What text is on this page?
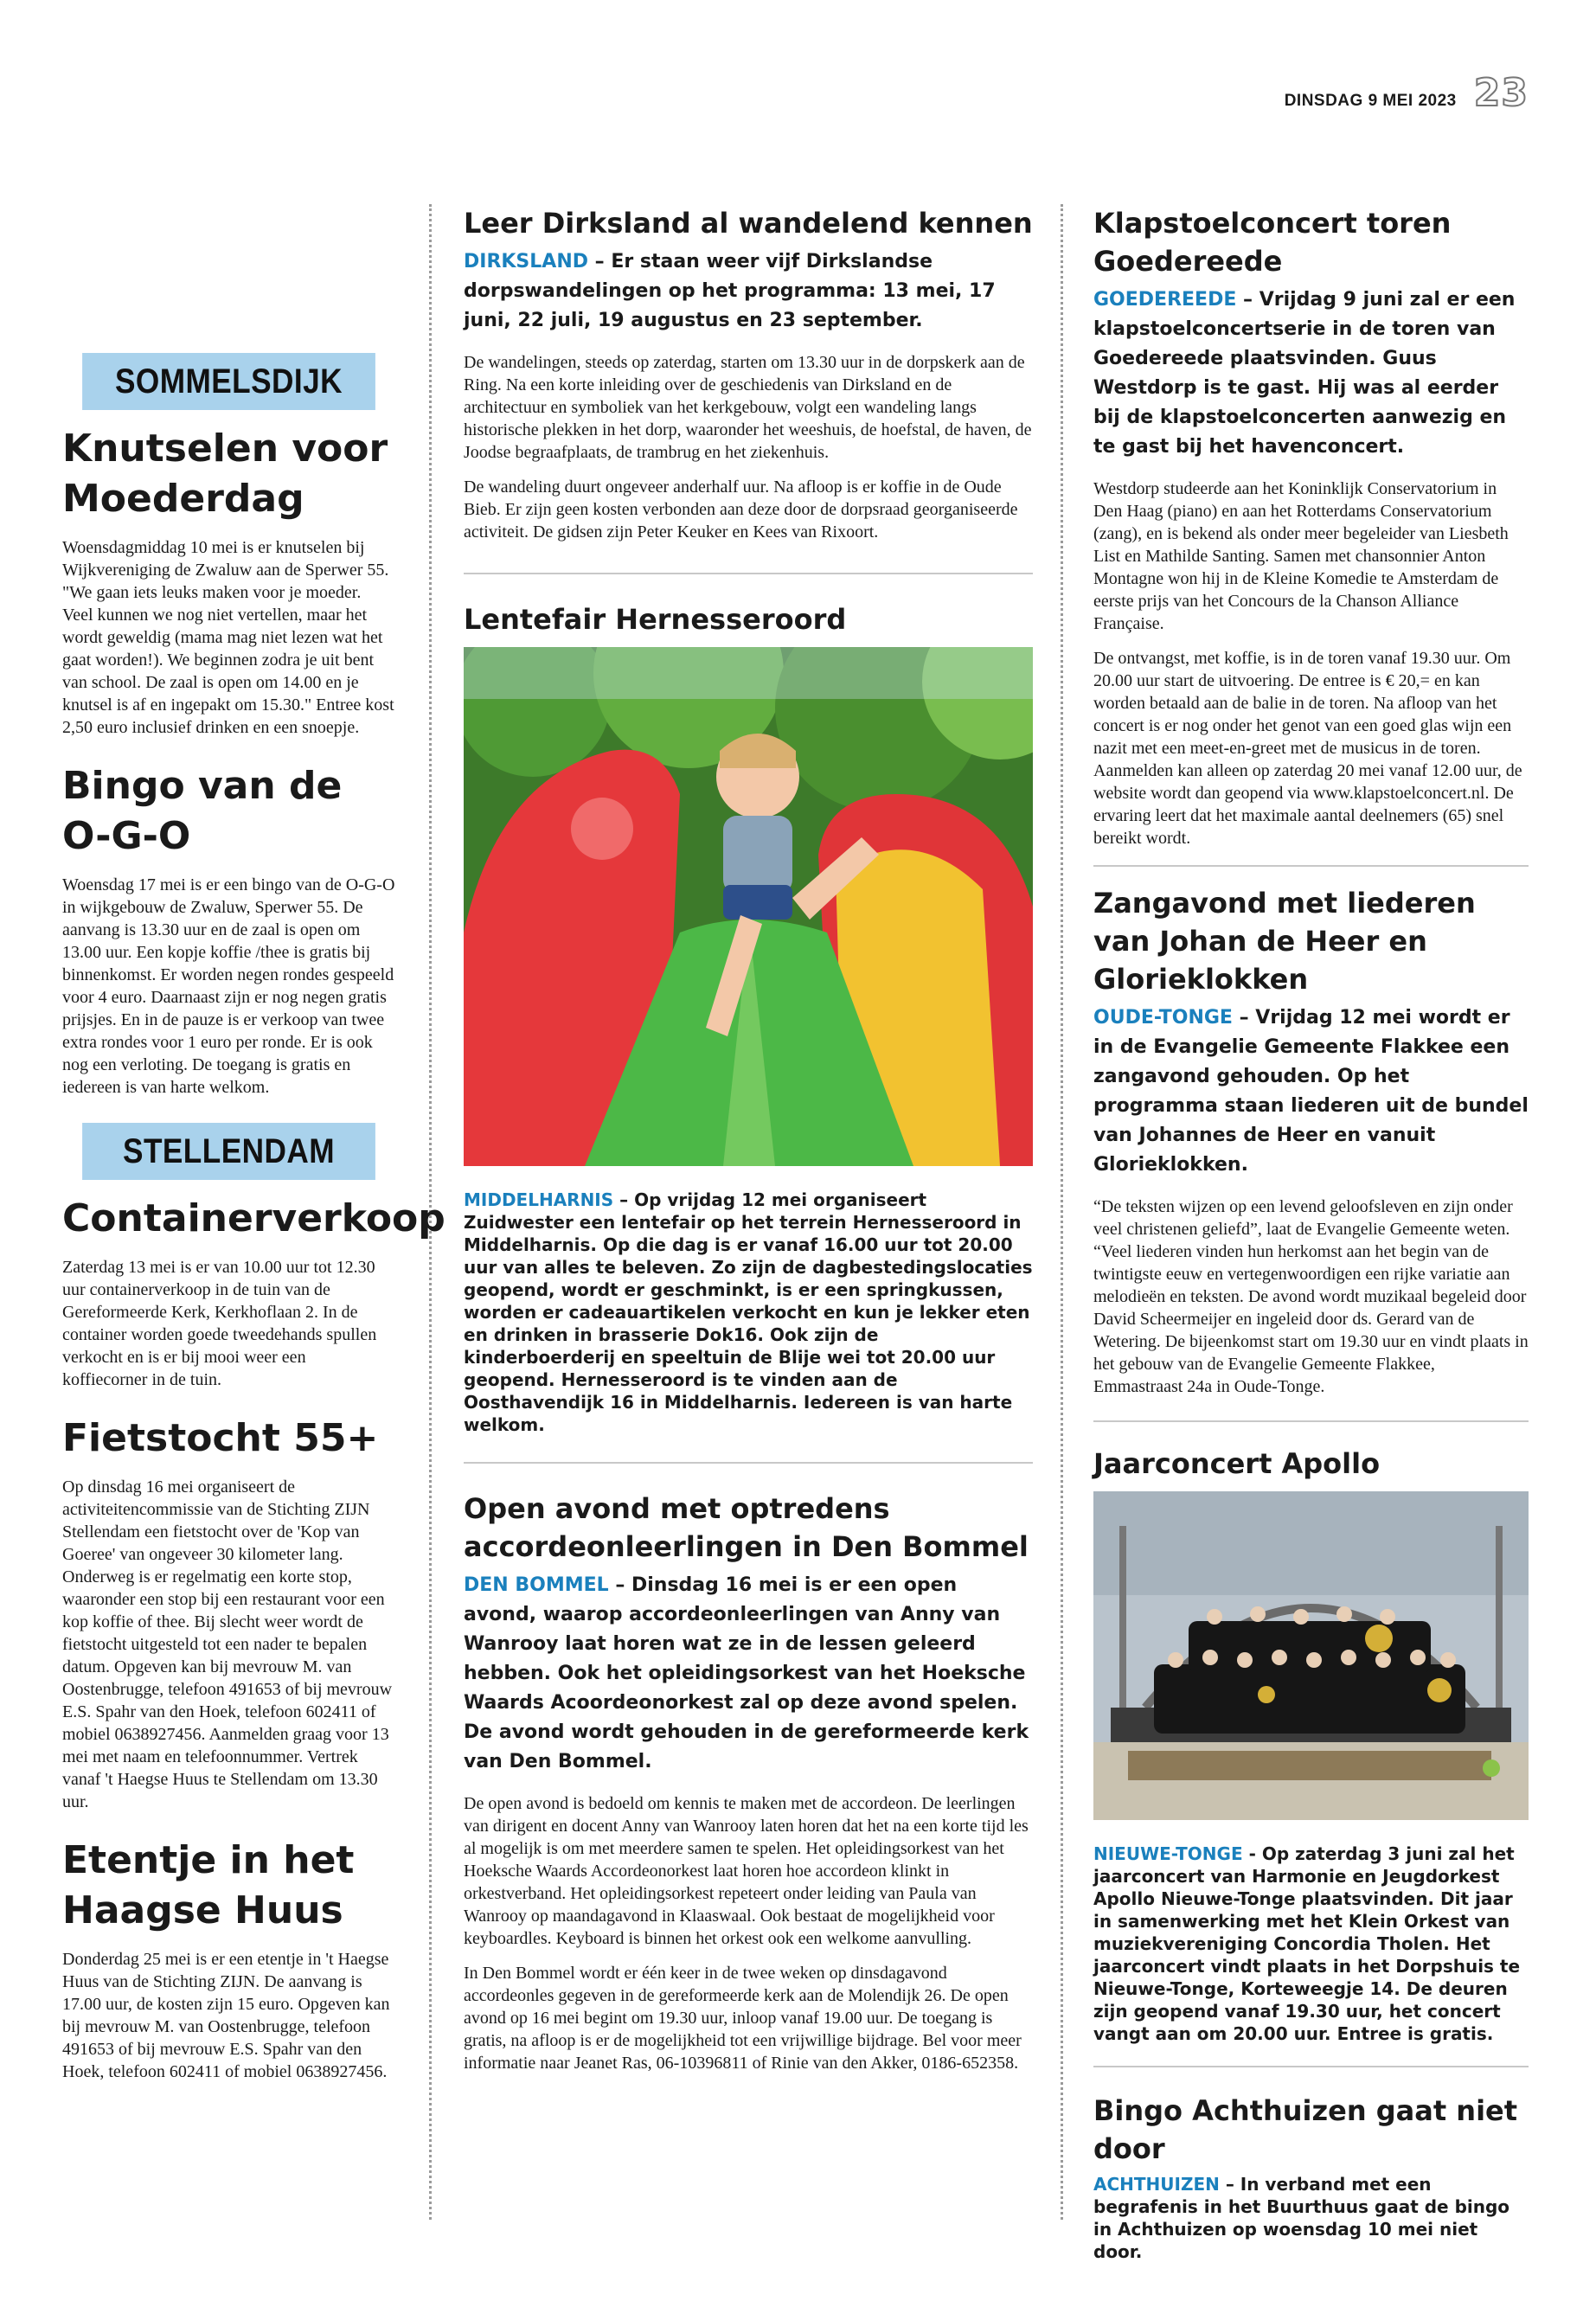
DINSDAG 9 MEI 2023 23
SOMMELSDIJK
Knutselen voor Moederdag

Woensdagmiddag 10 mei is er knutselen bij Wijkvereniging de Zwaluw aan de Sperwer 55. "We gaan iets leuks maken voor je moeder. Veel kunnen we nog niet vertellen, maar het wordt geweldig (mama mag niet lezen wat het gaat worden!). We beginnen zodra je uit bent van school. De zaal is open om 14.00 en je knutsel is af en ingepakt om 15.30." Entree kost 2,50 euro inclusief drinken en een snoepje.

Bingo van de O-G-O

Woensdag 17 mei is er een bingo van de O-G-O in wijkgebouw de Zwaluw, Sperwer 55. De aanvang is 13.30 uur en de zaal is open om 13.00 uur. Een kopje koffie /thee is gratis bij binnenkomst. Er worden negen rondes gespeeld voor 4 euro. Daarnaast zijn er nog negen gratis prijsjes. En in de pauze is er verkoop van twee extra rondes voor 1 euro per ronde. Er is ook nog een verloting. De toegang is gratis en iedereen is van harte welkom.

STELLENDAM
Containerverkoop

Zaterdag 13 mei is er van 10.00 uur tot 12.30 uur containerverkoop in de tuin van de Gereformeerde Kerk, Kerkhoflaan 2. In de container worden goede tweedehands spullen verkocht en is er bij mooi weer een koffiecorner in de tuin.

Fietstocht 55+

Op dinsdag 16 mei organiseert de activiteitencommissie van de Stichting ZIJN Stellendam een fietstocht over de 'Kop van Goeree' van ongeveer 30 kilometer lang. Onderweg is er regelmatig een korte stop, waaronder een stop bij een restaurant voor een kop koffie of thee. Bij slecht weer wordt de fietstocht uitgesteld tot een nader te bepalen datum. Opgeven kan bij mevrouw M. van Oostenbrugge, telefoon 491653 of bij mevrouw E.S. Spahr van den Hoek, telefoon 602411 of mobiel 0638927456. Aanmelden graag voor 13 mei met naam en telefoonnummer. Vertrek vanaf 't Haegse Huus te Stellendam om 13.30 uur.

Etentje in het Haagse Huus

Donderdag 25 mei is er een etentje in 't Haegse Huus van de Stichting ZIJN. De aanvang is 17.00 uur, de kosten zijn 15 euro. Opgeven kan bij mevrouw M. van Oostenbrugge, telefoon 491653 of bij mevrouw E.S. Spahr van den Hoek, telefoon 602411 of mobiel 0638927456.

Leer Dirksland al wandelend kennen

DIRKSLAND – Er staan weer vijf Dirkslandse dorpswandelingen op het programma: 13 mei, 17 juni, 22 juli, 19 augustus en 23 september.

De wandelingen, steeds op zaterdag, starten om 13.30 uur in de dorpskerk aan de Ring. Na een korte inleiding over de geschiedenis van Dirksland en de architectuur en symboliek van het kerkgebouw, volgt een wandeling langs historische plekken in het dorp, waaronder het weeshuis, de hoefstal, de haven, de Joodse begraafplaats, de trambrug en het ziekenhuis.

De wandeling duurt ongeveer anderhalf uur. Na afloop is er koffie in de Oude Bieb. Er zijn geen kosten verbonden aan deze door de dorpsraad georganiseerde activiteit. De gidsen zijn Peter Keuker en Kees van Rixoort.

Lentefair Hernesseroord

MIDDELHARNIS – Op vrijdag 12 mei organiseert Zuidwester een lentefair op het terrein Hernesseroord in Middelharnis. Op die dag is er vanaf 16.00 uur tot 20.00 uur van alles te beleven. Zo zijn de dagbestedingslocaties geopend, wordt er geschminkt, is er een springkussen, worden er cadeauartikelen verkocht en kun je lekker eten en drinken in brasserie Dok16. Ook zijn de kinderboerderij en speeltuin de Blije wei tot 20.00 uur geopend. Hernesseroord is te vinden aan de Oosthavendijk 16 in Middelharnis. Iedereen is van harte welkom.

Open avond met optredens accordeonleerlingen in Den Bommel

DEN BOMMEL – Dinsdag 16 mei is er een open avond, waarop accordeonleerlingen van Anny van Wanrooy laat horen wat ze in de lessen geleerd hebben. Ook het opleidingsorkest van het Hoeksche Waards Acoordeonorkest zal op deze avond spelen. De avond wordt gehouden in de gereformeerde kerk van Den Bommel.

De open avond is bedoeld om kennis te maken met de accordeon. De leerlingen van dirigent en docent Anny van Wanrooy laten horen dat het na een korte tijd les al mogelijk is om met meerdere samen te spelen. Het opleidingsorkest van het Hoeksche Waards Accordeonorkest laat horen hoe accordeon klinkt in orkestverband. Het opleidingsorkest repeteert onder leiding van Paula van Wanrooy op maandagavond in Klaaswaal. Ook bestaat de mogelijkheid voor keyboardles. Keyboard is binnen het orkest ook een welkome aanvulling.

In Den Bommel wordt er één keer in de twee weken op dinsdagavond accordeonles gegeven in de gereformeerde kerk aan de Molendijk 26. De open avond op 16 mei begint om 19.30 uur, inloop vanaf 19.00 uur. De toegang is gratis, na afloop is er de mogelijkheid tot een vrijwillige bijdrage. Bel voor meer informatie naar Jeanet Ras, 06-10396811 of Rinie van den Akker, 0186-652358.

Klapstoelconcert toren Goedereede

GOEDEREEDE – Vrijdag 9 juni zal er een klapstoelconcertserie in de toren van Goedereede plaatsvinden. Guus Westdorp is te gast. Hij was al eerder bij de klapstoelconcerten aanwezig en te gast bij het havenconcert.

Westdorp studeerde aan het Koninklijk Conservatorium in Den Haag (piano) en aan het Rotterdams Conservatorium (zang), en is bekend als onder meer begeleider van Liesbeth List en Mathilde Santing. Samen met chansonnier Anton Montagne won hij in de Kleine Komedie te Amsterdam de eerste prijs van het Concours de la Chanson Alliance Française.

De ontvangst, met koffie, is in de toren vanaf 19.30 uur. Om 20.00 uur start de uitvoering. De entree is € 20,= en kan worden betaald aan de balie in de toren. Na afloop van het concert is er nog onder het genot van een goed glas wijn een nazit met een meet-en-greet met de musicus in de toren. Aanmelden kan alleen op zaterdag 20 mei vanaf 12.00 uur, de website wordt dan geopend via www.klapstoelconcert.nl. De ervaring leert dat het maximale aantal deelnemers (65) snel bereikt wordt.

Zangavond met liederen van Johan de Heer en Glorieklokken

OUDE-TONGE – Vrijdag 12 mei wordt er in de Evangelie Gemeente Flakkee een zangavond gehouden. Op het programma staan liederen uit de bundel van Johannes de Heer en vanuit Glorieklokken.

“De teksten wijzen op een levend geloofsleven en zijn onder veel christenen geliefd”, laat de Evangelie Gemeente weten. “Veel liederen vinden hun herkomst aan het begin van de twintigste eeuw en vertegenwoordigen een rijke variatie aan melodieën en teksten. De avond wordt muzikaal begeleid door David Scheermeijer en ingeleid door ds. Gerard van de Wetering. De bijeenkomst start om 19.30 uur en vindt plaats in het gebouw van de Evangelie Gemeente Flakkee, Emmastraast 24a in Oude-Tonge.

Jaarconcert Apollo

NIEUWE-TONGE - Op zaterdag 3 juni zal het jaarconcert van Harmonie en Jeugdorkest Apollo Nieuwe-Tonge plaatsvinden. Dit jaar in samenwerking met het Klein Orkest van muziekvereniging Concordia Tholen. Het jaarconcert vindt plaats in het Dorpshuis te Nieuwe-Tonge, Korteweegje 14. De deuren zijn geopend vanaf 19.30 uur, het concert vangt aan om 20.00 uur. Entree is gratis.

Bingo Achthuizen gaat niet door

ACHTHUIZEN – In verband met een begrafenis in het Buurthuus gaat de bingo in Achthuizen op woensdag 10 mei niet door.
